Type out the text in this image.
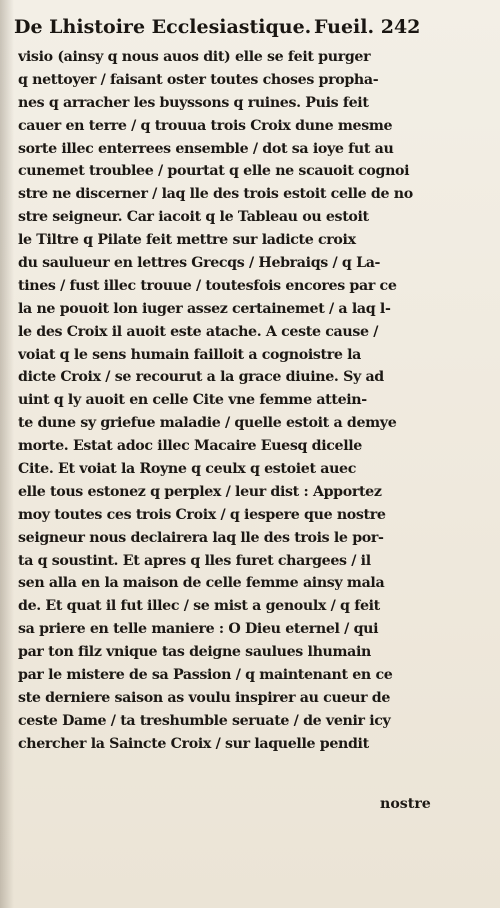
De Lhistoire Ecclesiastique. Fueil. 242
visio (ainsy q nous auos dit) elle se feit purger
q nettoyer / faisant oster toutes choses propha-
nes q arracher les buyssons q ruines. Puis feit
cauer en terre / q trouua trois Croix dune mesme
sorte illec enterrees ensemble / dot sa ioye fut au
cunemet troublee / pourtat q elle ne scauoit cognoi
stre ne discerner / laq lle des trois estoit celle de no
stre seigneur. Car iacoit q le Tableau ou estoit
le Tiltre q Pilate feit mettre sur ladicte croix
du saulueur en lettres Grecqs / Hebraiqs / q La-
tines / fust illec trouue / toutesfois encores par ce
la ne pouoit lon iuger assez certainemet / a laq l-
le des Croix il auoit este atache. A ceste cause /
voiat q le sens humain failloit a cognoistre la
dicte Croix / se recourut a la grace diuine. Sy ad
uint q ly auoit en celle Cite vne femme attein-
te dune sy griefue maladie / quelle estoit a demye
morte. Estat adoc illec Macaire Euesq dicelle
Cite. Et voiat la Royne q ceulx q estoiet auec
elle tous estonez q perplex / leur dist : Apportez
moy toutes ces trois Croix / q iespere que nostre
seigneur nous declairera laq lle des trois le por-
ta q soustint. Et apres q lles furet chargees / il
sen alla en la maison de celle femme ainsy mala
de. Et quat il fut illec / se mist a genoulx / q feit
sa priere en telle maniere : O Dieu eternel / qui
par ton filz vnique tas deigne saulues lhumain
par le mistere de sa Passion / q maintenant en ce
ste derniere saison as voulu inspirer au cueur de
ceste Dame / ta treshumble seruate / de venir icy
chercher la Saincte Croix / sur laquelle pendit
nostre
